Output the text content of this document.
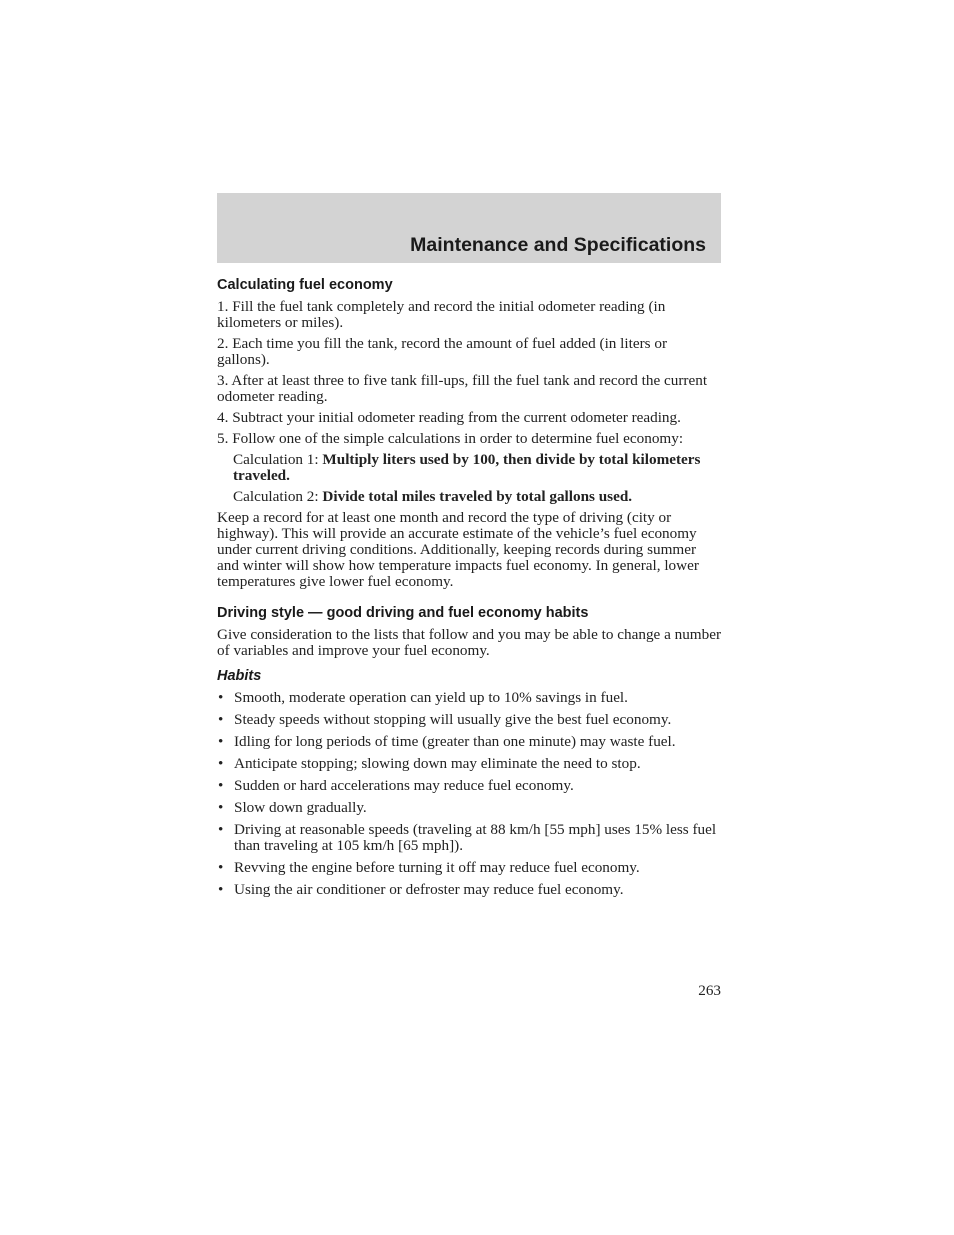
Maintenance and Specifications
Calculating fuel economy

1. Fill the fuel tank completely and record the initial odometer reading (in kilometers or miles).

2. Each time you fill the tank, record the amount of fuel added (in liters or gallons).

3. After at least three to five tank fill-ups, fill the fuel tank and record the current odometer reading.

4. Subtract your initial odometer reading from the current odometer reading.

5. Follow one of the simple calculations in order to determine fuel economy:

Calculation 1: Multiply liters used by 100, then divide by total kilometers traveled.

Calculation 2: Divide total miles traveled by total gallons used.

Keep a record for at least one month and record the type of driving (city or highway). This will provide an accurate estimate of the vehicle’s fuel economy under current driving conditions. Additionally, keeping records during summer and winter will show how temperature impacts fuel economy. In general, lower temperatures give lower fuel economy.

Driving style — good driving and fuel economy habits

Give consideration to the lists that follow and you may be able to change a number of variables and improve your fuel economy.

Habits
• Smooth, moderate operation can yield up to 10% savings in fuel.
• Steady speeds without stopping will usually give the best fuel economy.
• Idling for long periods of time (greater than one minute) may waste fuel.
• Anticipate stopping; slowing down may eliminate the need to stop.
• Sudden or hard accelerations may reduce fuel economy.
• Slow down gradually.
• Driving at reasonable speeds (traveling at 88 km/h [55 mph] uses 15% less fuel than traveling at 105 km/h [65 mph]).
• Revving the engine before turning it off may reduce fuel economy.
• Using the air conditioner or defroster may reduce fuel economy.
263
